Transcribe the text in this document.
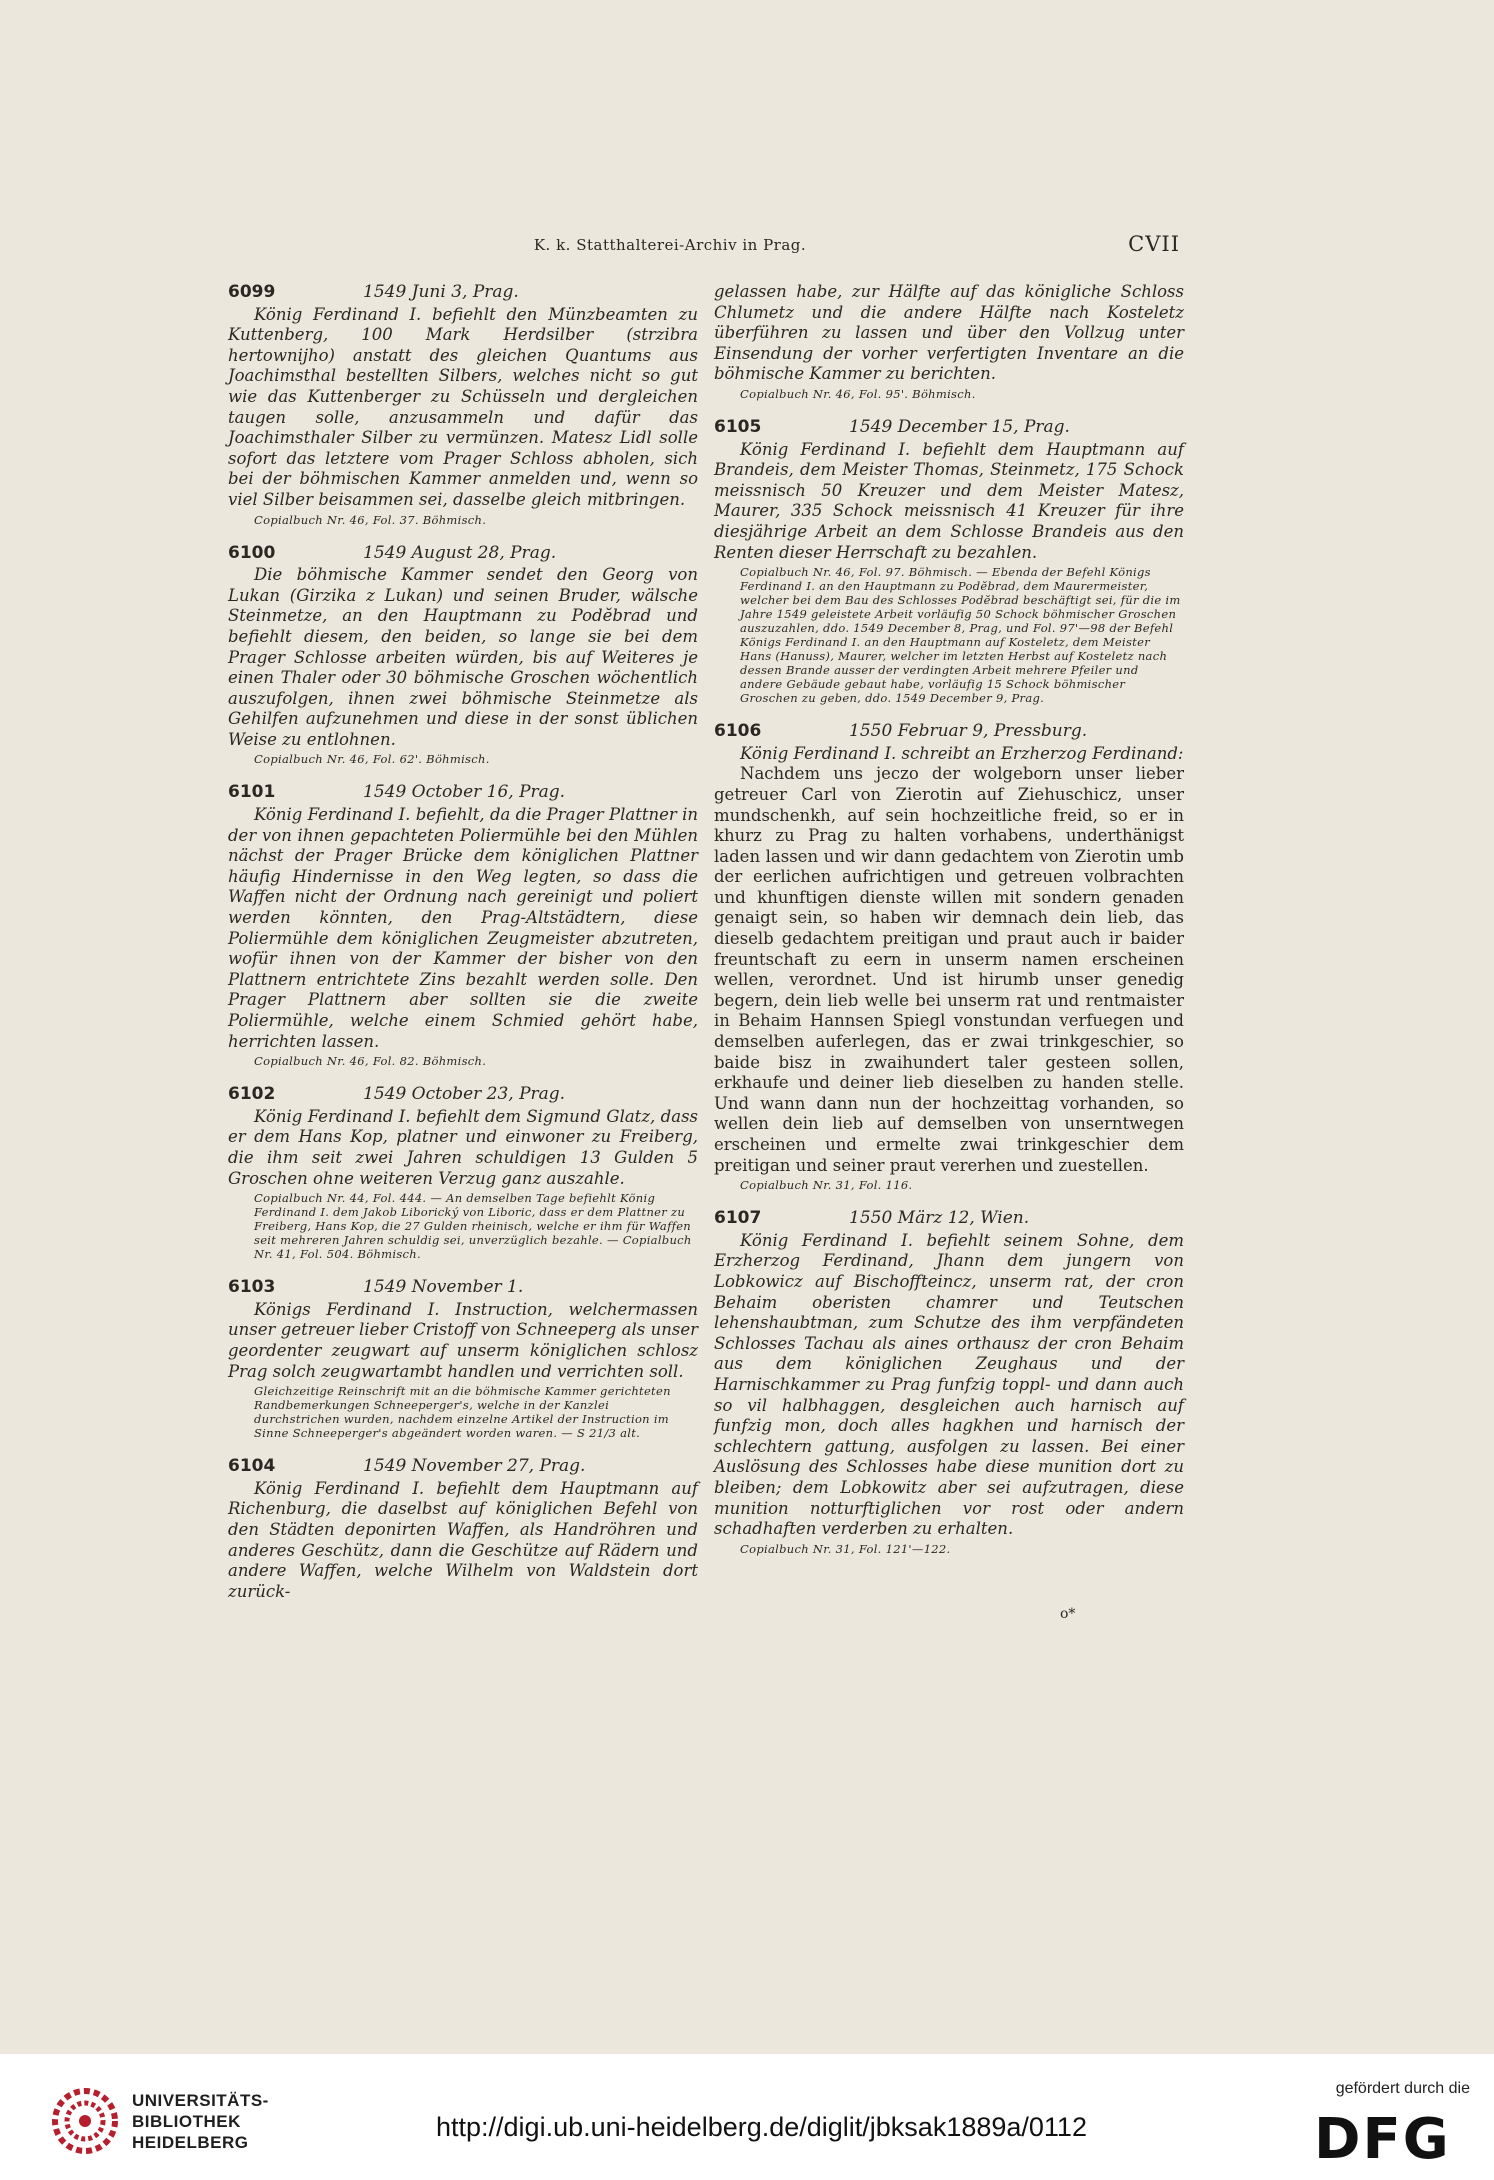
K. k. Statthalterei-Archiv in Prag.	CVII
6099	1549 Juni 3, Prag.

König Ferdinand I. befiehlt den Münzbeamten zu Kuttenberg, 100 Mark Herdsilber (strzibra hertownijho) anstatt des gleichen Quantums aus Joachimsthal bestellten Silbers, welches nicht so gut wie das Kuttenberger zu Schüsseln und dergleichen taugen solle, anzusammeln und dafür das Joachimsthaler Silber zu vermünzen. Matesz Lidl solle sofort das letztere vom Prager Schloss abholen, sich bei der böhmischen Kammer anmelden und, wenn so viel Silber beisammen sei, dasselbe gleich mitbringen.

Copialbuch Nr. 46, Fol. 37. Böhmisch.
6100	1549 August 28, Prag.

Die böhmische Kammer sendet den Georg von Lukan (Girzika z Lukan) und seinen Bruder, wälsche Steinmetze, an den Hauptmann zu Podĕbrad und befiehlt diesem, den beiden, so lange sie bei dem Prager Schlosse arbeiten würden, bis auf Weiteres je einen Thaler oder 30 böhmische Groschen wöchentlich auszufolgen, ihnen zwei böhmische Steinmetze als Gehilfen aufzunehmen und diese in der sonst üblichen Weise zu entlohnen.

Copialbuch Nr. 46, Fol. 62'. Böhmisch.
6101	1549 October 16, Prag.

König Ferdinand I. befiehlt, da die Prager Plattner in der von ihnen gepachteten Poliermühle bei den Mühlen nächst der Prager Brücke dem königlichen Plattner häufig Hindernisse in den Weg legten, so dass die Waffen nicht der Ordnung nach gereinigt und poliert werden könnten, den Prag-Altstädtern, diese Poliermühle dem königlichen Zeugmeister abzutreten, wofür ihnen von der Kammer der bisher von den Plattnern entrichtete Zins bezahlt werden solle. Den Prager Plattnern aber sollten sie die zweite Poliermühle, welche einem Schmied gehört habe, herrichten lassen.

Copialbuch Nr. 46, Fol. 82. Böhmisch.
6102	1549 October 23, Prag.

König Ferdinand I. befiehlt dem Sigmund Glatz, dass er dem Hans Kop, platner und einwoner zu Freiberg, die ihm seit zwei Jahren schuldigen 13 Gulden 5 Groschen ohne weiteren Verzug ganz auszahle.

Copialbuch Nr. 44, Fol. 444. — An demselben Tage befiehlt König Ferdinand I. dem Jakob Liborický von Liboric, dass er dem Plattner zu Freiberg, Hans Kop, die 27 Gulden rheinisch, welche er ihm für Waffen seit mehreren Jahren schuldig sei, unverzüglich bezahle. — Copialbuch Nr. 41, Fol. 504. Böhmisch.
6103	1549 November 1.

Königs Ferdinand I. Instruction, welchermassen unser getreuer lieber Cristoff von Schneeperg als unser geordenter zeugwart auf unserm königlichen schlosz Prag solch zeugwartambt handlen und verrichten soll.

Gleichzeitige Reinschrift mit an die böhmische Kammer gerichteten Randbemerkungen Schneeperger's, welche in der Kanzlei durchstrichen wurden, nachdem einzelne Artikel der Instruction im Sinne Schneeperger's abgeändert worden waren. — S 21/3 alt.
6104	1549 November 27, Prag.

König Ferdinand I. befiehlt dem Hauptmann auf Richenburg, die daselbst auf königlichen Befehl von den Städten deponirten Waffen, als Handröhren und anderes Geschütz, dann die Geschütze auf Rädern und andere Waffen, welche Wilhelm von Waldstein dort zurück-

gelassen habe, zur Hälfte auf das königliche Schloss Chlumetz und die andere Hälfte nach Kosteletz überführen zu lassen und über den Vollzug unter Einsendung der vorher verfertigten Inventare an die böhmische Kammer zu berichten.

Copialbuch Nr. 46, Fol. 95'. Böhmisch.
6105	1549 December 15, Prag.

König Ferdinand I. befiehlt dem Hauptmann auf Brandeis, dem Meister Thomas, Steinmetz, 175 Schock meissnisch 50 Kreuzer und dem Meister Matesz, Maurer, 335 Schock meissnisch 41 Kreuzer für ihre diesjährige Arbeit an dem Schlosse Brandeis aus den Renten dieser Herrschaft zu bezahlen.

Copialbuch Nr. 46, Fol. 97. Böhmisch. — Ebenda der Befehl Königs Ferdinand I. an den Hauptmann zu Podĕbrad, dem Maurermeister, welcher bei dem Bau des Schlosses Podĕbrad beschäftigt sei, für die im Jahre 1549 geleistete Arbeit vorläufig 50 Schock böhmischer Groschen auszuzahlen, ddo. 1549 December 8, Prag, und Fol. 97'—98 der Befehl Königs Ferdinand I. an den Hauptmann auf Kosteletz, dem Meister Hans (Hanuss), Maurer, welcher im letzten Herbst auf Kosteletz nach dessen Brande ausser der verdingten Arbeit mehrere Pfeiler und andere Gebäude gebaut habe, vorläufig 15 Schock böhmischer Groschen zu geben, ddo. 1549 December 9, Prag.
6106	1550 Februar 9, Pressburg.

König Ferdinand I. schreibt an Erzherzog Ferdinand:

Nachdem uns jeczo der wolgeborn unser lieber getreuer Carl von Zierotin auf Ziehuschicz, unser mundschenkh, auf sein hochzeitliche freid, so er in khurz zu Prag zu halten vorhabens, underthänigst laden lassen und wir dann gedachtem von Zierotin umb der eerlichen aufrichtigen und getreuen volbrachten und khunftigen dienste willen mit sondern genaden genaigt sein, so haben wir demnach dein lieb, das dieselb gedachtem preitigan und praut auch ir baider freuntschaft zu eern in unserm namen erscheinen wellen, verordnet. Und ist hirumb unser genedig begern, dein lieb welle bei unserm rat und rentmaister in Behaim Hannsen Spiegl vonstundan verfuegen und demselben auferlegen, das er zwai trinkgeschier, so baide bisz in zwaihundert taler gesteen sollen, erkhaufe und deiner lieb dieselben zu handen stelle. Und wann dann nun der hochzeittag vorhanden, so wellen dein lieb auf demselben von unserntwegen erscheinen und ermelte zwai trinkgeschier dem preitigan und seiner praut vererhen und zuestellen.

Copialbuch Nr. 31, Fol. 116.
6107	1550 März 12, Wien.

König Ferdinand I. befiehlt seinem Sohne, dem Erzherzog Ferdinand, Jhann dem jungern von Lobkowicz auf Bischoffteincz, unserm rat, der cron Behaim oberisten chamrer und Teutschen lehenshaubtman, zum Schutze des ihm verpfändeten Schlosses Tachau als aines orthausz der cron Behaim aus dem königlichen Zeughaus und der Harnischkammer zu Prag funfzig toppl- und dann auch so vil halbhaggen, desgleichen auch harnisch auf funfzig mon, doch alles hagkhen und harnisch der schlechtern gattung, ausfolgen zu lassen. Bei einer Auslösung des Schlosses habe diese munition dort zu bleiben; dem Lobkowitz aber sei aufzutragen, diese munition notturftiglichen vor rost oder andern schadhaften verderben zu erhalten.

Copialbuch Nr. 31, Fol. 121'—122.
o*
UNIVERSITÄTS-
BIBLIOTHEK
HEIDELBERG
http://digi.ub.uni-heidelberg.de/diglit/jbksak1889a/0112
gefördert durch die
DFG
